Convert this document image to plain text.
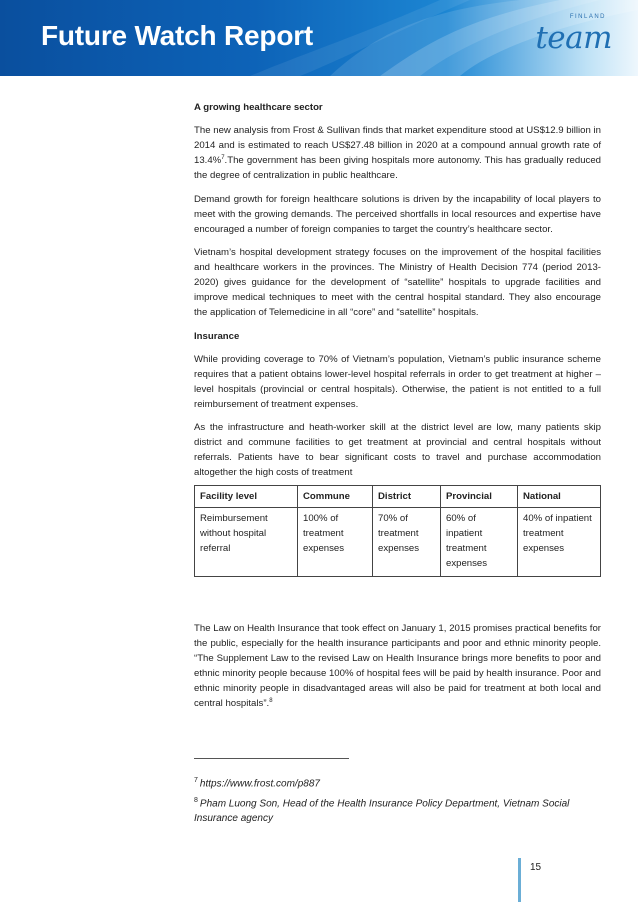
Future Watch Report
FINLAND
team
A growing healthcare sector

The new analysis from Frost & Sullivan finds that market expenditure stood at US$12.9 billion in 2014 and is estimated to reach US$27.48 billion in 2020 at a compound annual growth rate of 13.4%$^7$.The government has been giving hospitals more autonomy. This has gradually reduced the degree of centralization in public healthcare.

Demand growth for foreign healthcare solutions is driven by the incapability of local players to meet with the growing demands. The perceived shortfalls in local resources and expertise have encouraged a number of foreign companies to target the country’s healthcare sector.

Vietnam’s hospital development strategy focuses on the improvement of the hospital facilities and healthcare workers in the provinces. The Ministry of Health Decision 774 (period 2013-2020) gives guidance for the development of “satellite” hospitals to upgrade facilities and improve medical techniques to meet with the central hospital standard. They also encourage the application of Telemedicine in all “core” and “satellite” hospitals.

Insurance

While providing coverage to 70% of Vietnam’s population, Vietnam’s public insurance scheme requires that a patient obtains lower-level hospital referrals in order to get treatment at higher – level hospitals (provincial or central hospitals). Otherwise, the patient is not entitled to a full reimbursement of treatment expenses.

As the infrastructure and heath-worker skill at the district level are low, many patients skip district and commune facilities to get treatment at provincial and central hospitals without referrals. Patients have to bear significant costs to travel and purchase accommodation altogether the high costs of treatment

Facility level	Commune	District	Provincial	National
Reimbursement without hospital referral	100% of treatment expenses	70% of treatment expenses	60% of inpatient treatment expenses	40% of inpatient treatment expenses

The Law on Health Insurance that took effect on January 1, 2015 promises practical benefits for the public, especially for the health insurance participants and poor and ethnic minority people. “The Supplement Law to the revised Law on Health Insurance brings more benefits to poor and ethnic minority people because 100% of hospital fees will be paid by health insurance. Poor and ethnic minority people in disadvantaged areas will also be paid for treatment at both local and central hospitals”.$^8$

$^7$ https://www.frost.com/p887
$^8$ Pham Luong Son, Head of the Health Insurance Policy Department, Vietnam Social Insurance agency
15
